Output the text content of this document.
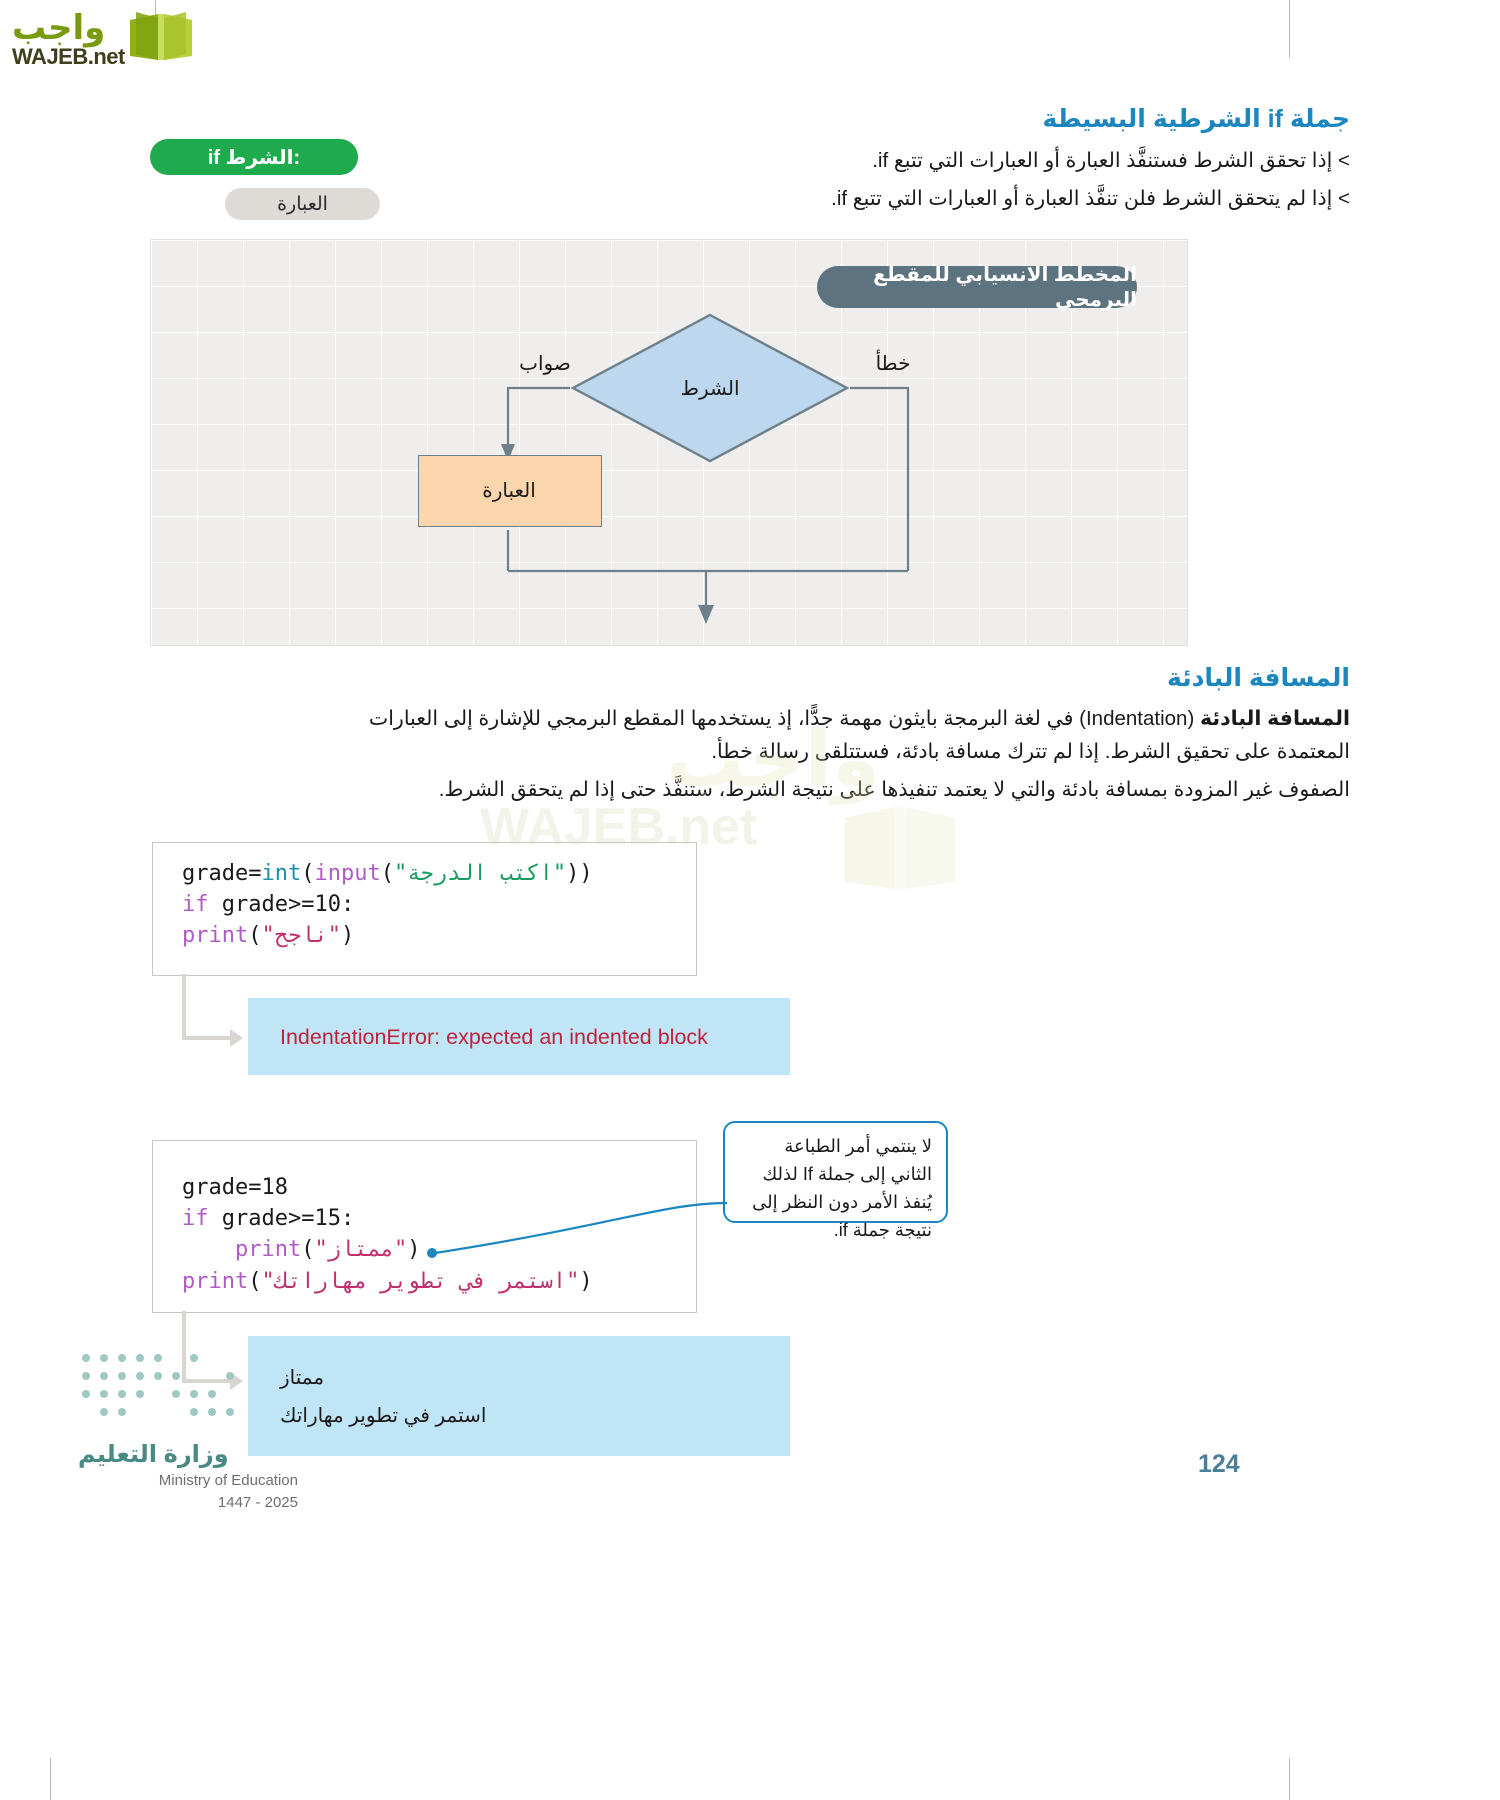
واجب
WAJEB.net
جملة if الشرطية البسيطة
> إذا تحقق الشرط فستنفَّذ العبارة أو العبارات التي تتبع if.
> إذا لم يتحقق الشرط فلن تنفَّذ العبارة أو العبارات التي تتبع if.
:الشرط if
العبارة
المخطط الانسيابي للمقطع البرمجي
الشرط
صواب	خطأ
العبارة
المسافة البادئة
المسافة البادئة (Indentation) في لغة البرمجة بايثون مهمة جدًّا، إذ يستخدمها المقطع البرمجي للإشارة إلى العبارات المعتمدة على تحقيق الشرط. إذا لم تترك مسافة بادئة، فستتلقى رسالة خطأ.
الصفوف غير المزودة بمسافة بادئة والتي لا يعتمد تنفيذها على نتيجة الشرط، ستنفَّذ حتى إذا لم يتحقق الشرط.
واجب
WAJEB.net
grade=int(input("اكتب الدرجة"))
if grade>=10:
print("ناجح")
IndentationError: expected an indented block
grade=18
if grade>=15:
print("ممتاز")
print("استمر في تطوير مهاراتك")
لا ينتمي أمر الطباعة الثاني إلى جملة If لذلك يُنفذ الأمر دون النظر إلى نتيجة جملة if.
ممتاز
استمر في تطوير مهاراتك
وزارة التعليم
Ministry of Education
2025 - 1447
124
